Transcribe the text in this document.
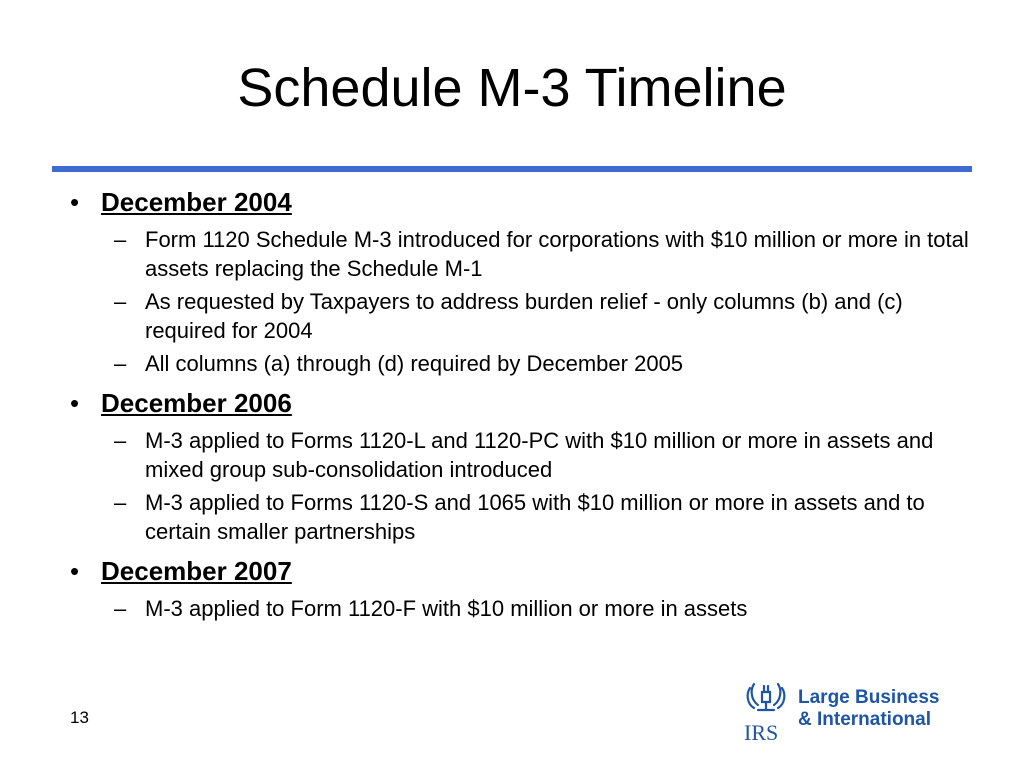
Schedule M-3 Timeline
• December 2004
– Form 1120 Schedule M-3 introduced for corporations with $10 million or more in total assets replacing the Schedule M-1
– As requested by Taxpayers to address burden relief - only columns (b) and (c) required for 2004
– All columns (a) through (d) required by December 2005
• December 2006
– M-3 applied to Forms 1120-L and 1120-PC with $10 million or more in assets and mixed group sub-consolidation introduced
– M-3 applied to Forms 1120-S and 1065 with $10 million or more in assets and to certain smaller partnerships
• December 2007
– M-3 applied to Form 1120-F with $10 million or more in assets
13
IRS
Large Business
& International
